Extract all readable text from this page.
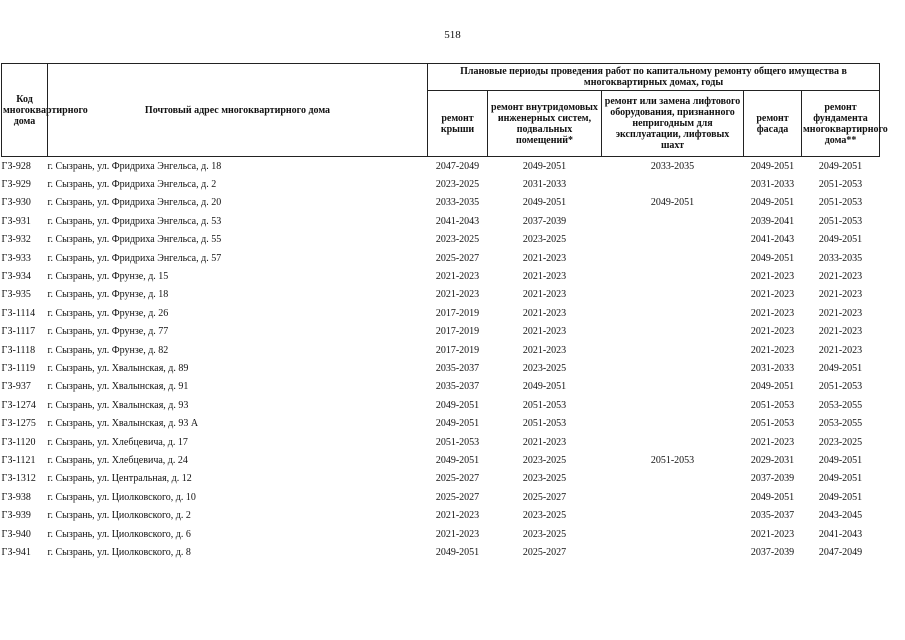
518
Код многоквартирного дома	Почтовый адрес многоквартирного дома	Плановые периоды проведения работ по капитальному ремонту общего имущества в многоквартирных домах, годы				
		ремонт крыши	ремонт внутридомовых инженерных систем, подвальных помещений*	ремонт или замена лифтового оборудования, признанного непригодным для эксплуатации, лифтовых шахт	ремонт фасада	ремонт фундамента многоквартирного дома**
ГЗ-928	г. Сызрань, ул. Фридриха Энгельса, д. 18	2047-2049	2049-2051	2033-2035	2049-2051	2049-2051
ГЗ-929	г. Сызрань, ул. Фридриха Энгельса, д. 2	2023-2025	2031-2033		2031-2033	2051-2053
ГЗ-930	г. Сызрань, ул. Фридриха Энгельса, д. 20	2033-2035	2049-2051	2049-2051	2049-2051	2051-2053
ГЗ-931	г. Сызрань, ул. Фридриха Энгельса, д. 53	2041-2043	2037-2039		2039-2041	2051-2053
ГЗ-932	г. Сызрань, ул. Фридриха Энгельса, д. 55	2023-2025	2023-2025		2041-2043	2049-2051
ГЗ-933	г. Сызрань, ул. Фридриха Энгельса, д. 57	2025-2027	2021-2023		2049-2051	2033-2035
ГЗ-934	г. Сызрань, ул. Фрунзе, д. 15	2021-2023	2021-2023		2021-2023	2021-2023
ГЗ-935	г. Сызрань, ул. Фрунзе, д. 18	2021-2023	2021-2023		2021-2023	2021-2023
ГЗ-1114	г. Сызрань, ул. Фрунзе, д. 26	2017-2019	2021-2023		2021-2023	2021-2023
ГЗ-1117	г. Сызрань, ул. Фрунзе, д. 77	2017-2019	2021-2023		2021-2023	2021-2023
ГЗ-1118	г. Сызрань, ул. Фрунзе, д. 82	2017-2019	2021-2023		2021-2023	2021-2023
ГЗ-1119	г. Сызрань, ул. Хвалынская, д. 89	2035-2037	2023-2025		2031-2033	2049-2051
ГЗ-937	г. Сызрань, ул. Хвалынская, д. 91	2035-2037	2049-2051		2049-2051	2051-2053
ГЗ-1274	г. Сызрань, ул. Хвалынская, д. 93	2049-2051	2051-2053		2051-2053	2053-2055
ГЗ-1275	г. Сызрань, ул. Хвалынская, д. 93 А	2049-2051	2051-2053		2051-2053	2053-2055
ГЗ-1120	г. Сызрань, ул. Хлебцевича, д. 17	2051-2053	2021-2023		2021-2023	2023-2025
ГЗ-1121	г. Сызрань, ул. Хлебцевича, д. 24	2049-2051	2023-2025	2051-2053	2029-2031	2049-2051
ГЗ-1312	г. Сызрань, ул. Центральная, д. 12	2025-2027	2023-2025		2037-2039	2049-2051
ГЗ-938	г. Сызрань, ул. Циолковского, д. 10	2025-2027	2025-2027		2049-2051	2049-2051
ГЗ-939	г. Сызрань, ул. Циолковского, д. 2	2021-2023	2023-2025		2035-2037	2043-2045
ГЗ-940	г. Сызрань, ул. Циолковского, д. 6	2021-2023	2023-2025		2021-2023	2041-2043
ГЗ-941	г. Сызрань, ул. Циолковского, д. 8	2049-2051	2025-2027		2037-2039	2047-2049
